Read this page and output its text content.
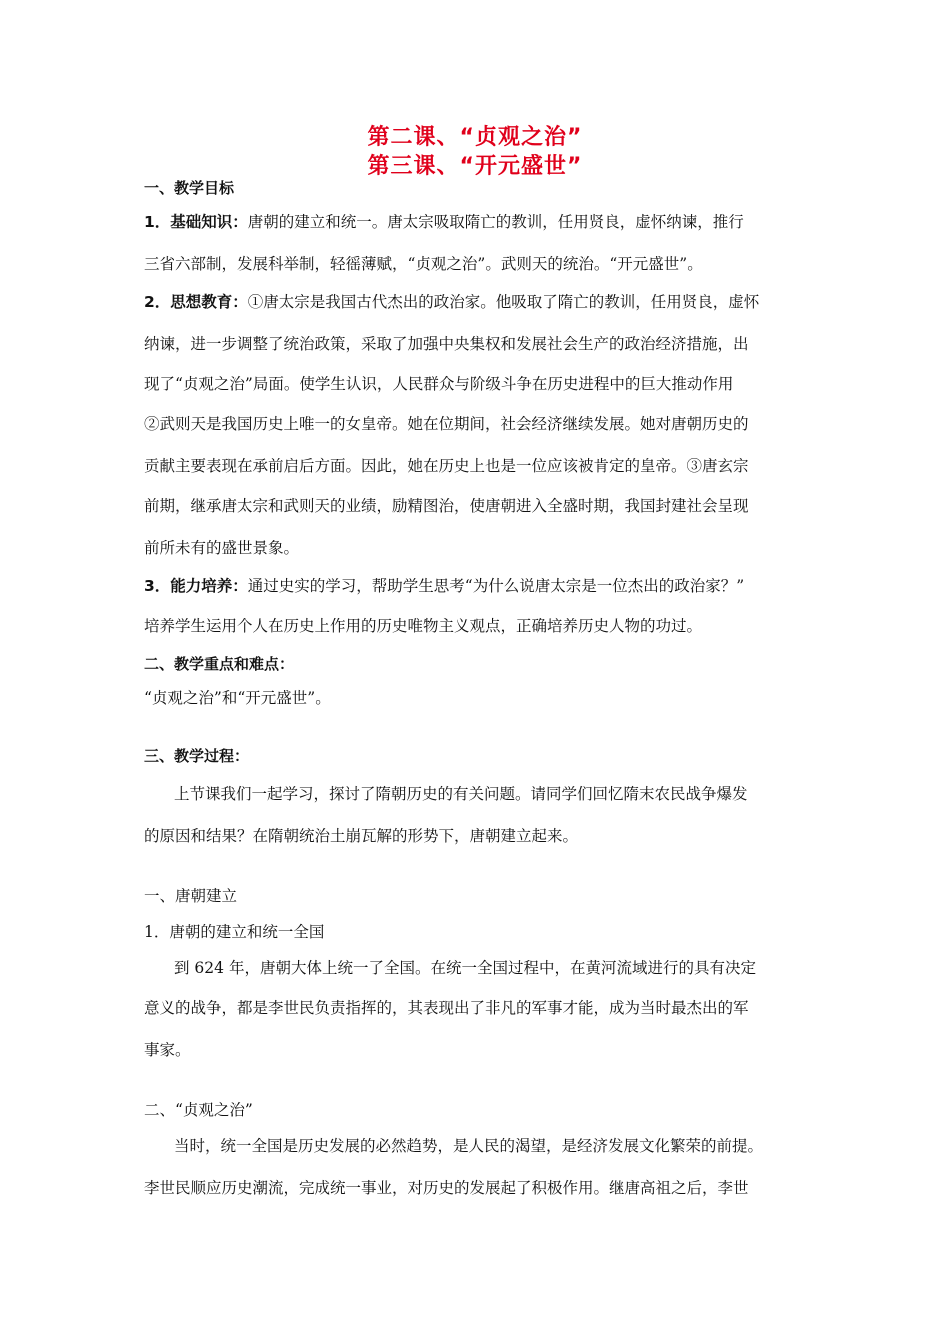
第二课、“贞观之治”
第三课、“开元盛世”
一、教学目标
1．基础知识：唐朝的建立和统一。唐太宗吸取隋亡的教训，任用贤良，虚怀纳谏，推行
三省六部制，发展科举制，轻徭薄赋，“贞观之治”。武则天的统治。“开元盛世”。
2．思想教育：①唐太宗是我国古代杰出的政治家。他吸取了隋亡的教训，任用贤良，虚怀
纳谏，进一步调整了统治政策，采取了加强中央集权和发展社会生产的政治经济措施，出
现了“贞观之治”局面。使学生认识，人民群众与阶级斗争在历史进程中的巨大推动作用
②武则天是我国历史上唯一的女皇帝。她在位期间，社会经济继续发展。她对唐朝历史的
贡献主要表现在承前启后方面。因此，她在历史上也是一位应该被肯定的皇帝。③唐玄宗
前期，继承唐太宗和武则天的业绩，励精图治，使唐朝进入全盛时期，我国封建社会呈现
前所未有的盛世景象。
3．能力培养：通过史实的学习，帮助学生思考“为什么说唐太宗是一位杰出的政治家？”
培养学生运用个人在历史上作用的历史唯物主义观点，正确培养历史人物的功过。
二、教学重点和难点：
“贞观之治”和“开元盛世”。
三、教学过程：
上节课我们一起学习，探讨了隋朝历史的有关问题。请同学们回忆隋末农民战争爆发
的原因和结果？在隋朝统治土崩瓦解的形势下，唐朝建立起来。
一、唐朝建立
1．唐朝的建立和统一全国
到 624 年，唐朝大体上统一了全国。在统一全国过程中，在黄河流域进行的具有决定
意义的战争，都是李世民负责指挥的，其表现出了非凡的军事才能，成为当时最杰出的军
事家。
二、“贞观之治”
当时，统一全国是历史发展的必然趋势，是人民的渴望，是经济发展文化繁荣的前提。
李世民顺应历史潮流，完成统一事业，对历史的发展起了积极作用。继唐高祖之后，李世
